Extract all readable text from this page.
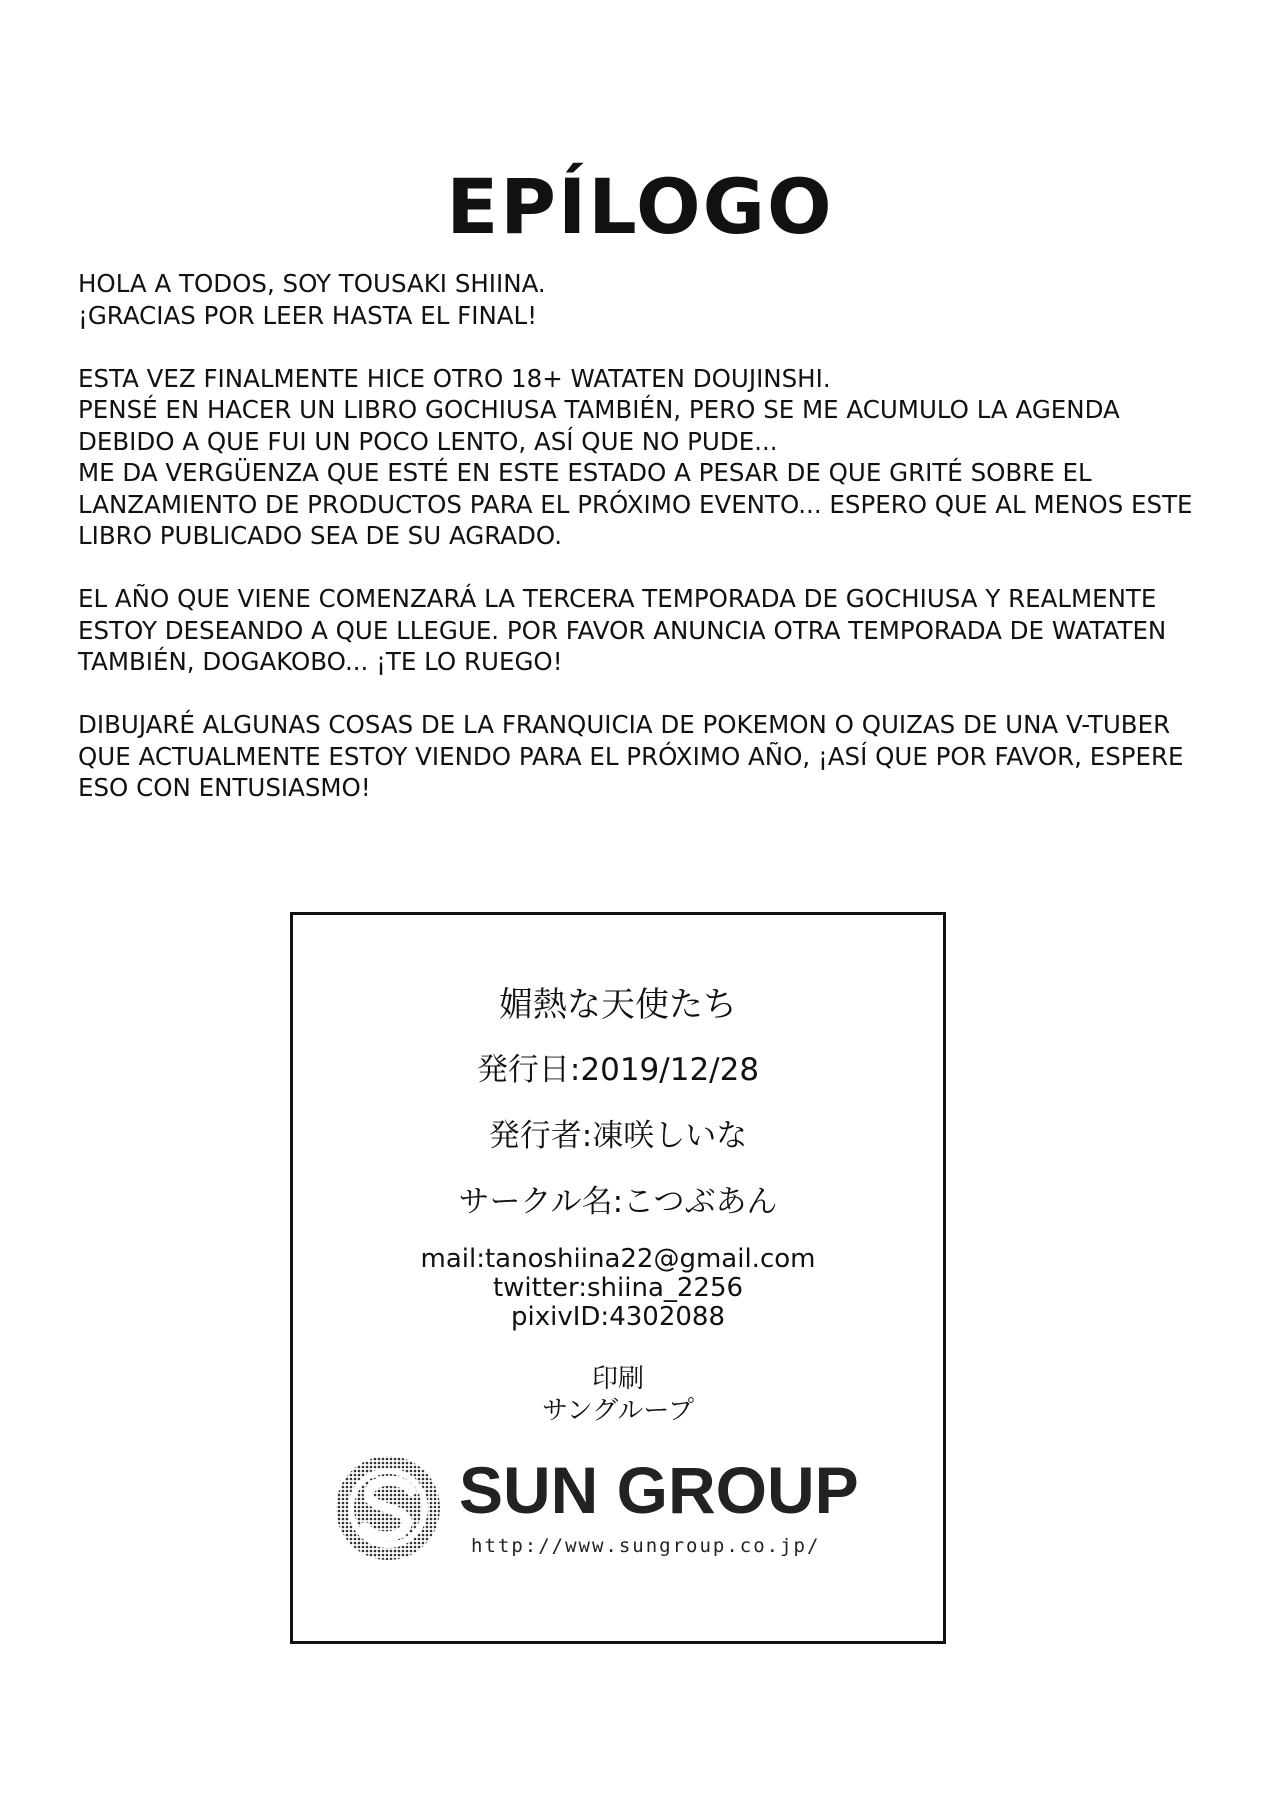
EPÍLOGO

HOLA A TODOS, SOY TOUSAKI SHIINA.
¡GRACIAS POR LEER HASTA EL FINAL!

ESTA VEZ FINALMENTE HICE OTRO 18+ WATATEN DOUJINSHI.
PENSÉ EN HACER UN LIBRO GOCHIUSA TAMBIÉN, PERO SE ME ACUMULO LA AGENDA
DEBIDO A QUE FUI UN POCO LENTO, ASÍ QUE NO PUDE...
ME DA VERGÜENZA QUE ESTÉ EN ESTE ESTADO A PESAR DE QUE GRITÉ SOBRE EL
LANZAMIENTO DE PRODUCTOS PARA EL PRÓXIMO EVENTO... ESPERO QUE AL MENOS ESTE
LIBRO PUBLICADO SEA DE SU AGRADO.

EL AÑO QUE VIENE COMENZARÁ LA TERCERA TEMPORADA DE GOCHIUSA Y REALMENTE
ESTOY DESEANDO A QUE LLEGUE. POR FAVOR ANUNCIA OTRA TEMPORADA DE WATATEN
TAMBIÉN, DOGAKOBO... ¡TE LO RUEGO!

DIBUJARÉ ALGUNAS COSAS DE LA FRANQUICIA DE POKEMON O QUIZAS DE UNA V-TUBER
QUE ACTUALMENTE ESTOY VIENDO PARA EL PRÓXIMO AÑO, ¡ASÍ QUE POR FAVOR, ESPERE
ESO CON ENTUSIASMO!

媚熱な天使たち
発行日:2019/12/28
発行者:凍咲しいな
サークル名:こつぶあん
mail:tanoshiina22@gmail.com
twitter:shiina_2256
pixivID:4302088
印刷
サングループ
SUN GROUP
http://www.sungroup.co.jp/
